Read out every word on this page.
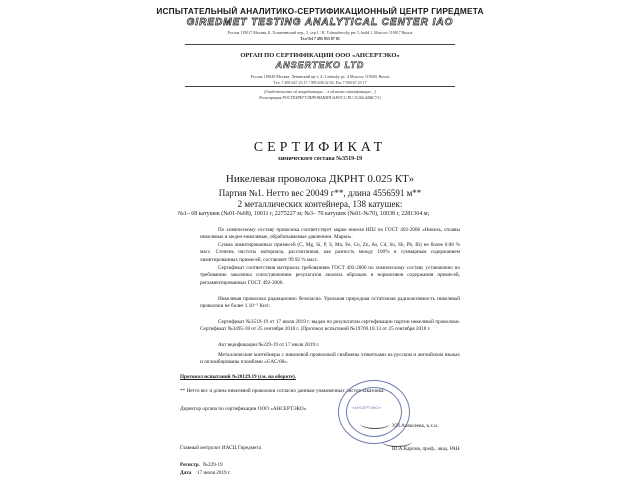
ИСПЫТАТЕЛЬНЫЙ АНАЛИТИКО-СЕРТИФИКАЦИОННЫЙ ЦЕНТР ГИРЕДМЕТА
GIREDMET TESTING ANALYTICAL CENTER IAO
Россия 119017 Москва, Б. Толмачевский пер., 5, стр.1 / B. Tolmachevsky per 5, build.1, Moscow 119017 Russia
Тел/Tel 7 495 953 87 81
ОРГАН ПО СЕРТИФИКАЦИИ ООО «АНСЕРТЭКО»
ANSERTEKO LTD
Россия 119049 Москва, Ленинский пр-т, 4 / Leninsky pr., 4 Moscow 119049, Russia
Тел. 7 495 647 23 17 / 995 638 42 82, Fax 7 958 67 23 17
(Свидетельство об аккредитации ... в области сертификации ...)
Регистрация РОСТЕХРЕГУЛИРОВАНИЯ №РОСС RU.31266.04ЖСУ1)
СЕРТИФИКАТ
химического состава №3519-19
Никелевая проволока ДКРНТ 0.025 КТ»
Партия №1. Нетто вес 20049 г**, длина 4556591 м**
2 металлических контейнера, 138 катушек:
№1– 68 катушек (№01-№68), 10011 г, 2275227 м; №3– 70 катушек (№01-№70), 10038 г, 2281364 м;
По химическому составу проволока соответствует марке никеля НП2 по ГОСТ 492-2006 «Никель, сплавы никелевые и медно-никелевые, обрабатываемые давлением. Марки».
Сумма лимитированных примесей (C, Mg, Si, P, S, Mn, Fe, Cu, Zn, As, Cd, Sn, Sb, Pb, Bi) не более 0.08 % масс. Степень чистоты материала, рассчитанная, как разность между 100% и суммарным содержанием лимитированных примесей, составляет 99.92 % масс.
Сертификат соответствия материала требованиям ГОСТ 492-2006 по химическому составу установлено по требованию заказчика сопоставлением результатов анализа образцов и нормативов содержания примесей, регламентированных ГОСТ 492-2006.
Никелевая проволока радиационно безопасна. Удельная природная остаточная радиоактивность никелевой проволоки не более 1.10⁻⁵ Ки/г.
Сертификат №3519-19 от 17 июля 2019 г. выдан по результатам сертификации партии никелевой проволоки. Сертификат №3495-18 от 25 сентября 2018 г. (Протокол испытаний №19769.18.13 от 25 сентября 2018 г.
Акт верификации №229-19 от 17 июля 2019 г.
Металлические контейнеры с никелевой проволокой снабжены этикетками на русском и английском языках и опломбированы пломбами «GAC/68».
Протокол испытаний №20129.19 (см. на обороте).
** Нетто вес и длина никелевой проволоки согласно данным упаковочных листов заказчика.
Директор органа по сертификации ООО «АНСЕРТЭКО»	«АНСЕРТЭКО»
У.Н.Алексеева, к.х.н.
Главный метролог ИАСЦ Гиредмета	Ю.А.Карпов, проф., акад. РАН
Регистр. №229-19
Дата 17 июля 2019 г.
